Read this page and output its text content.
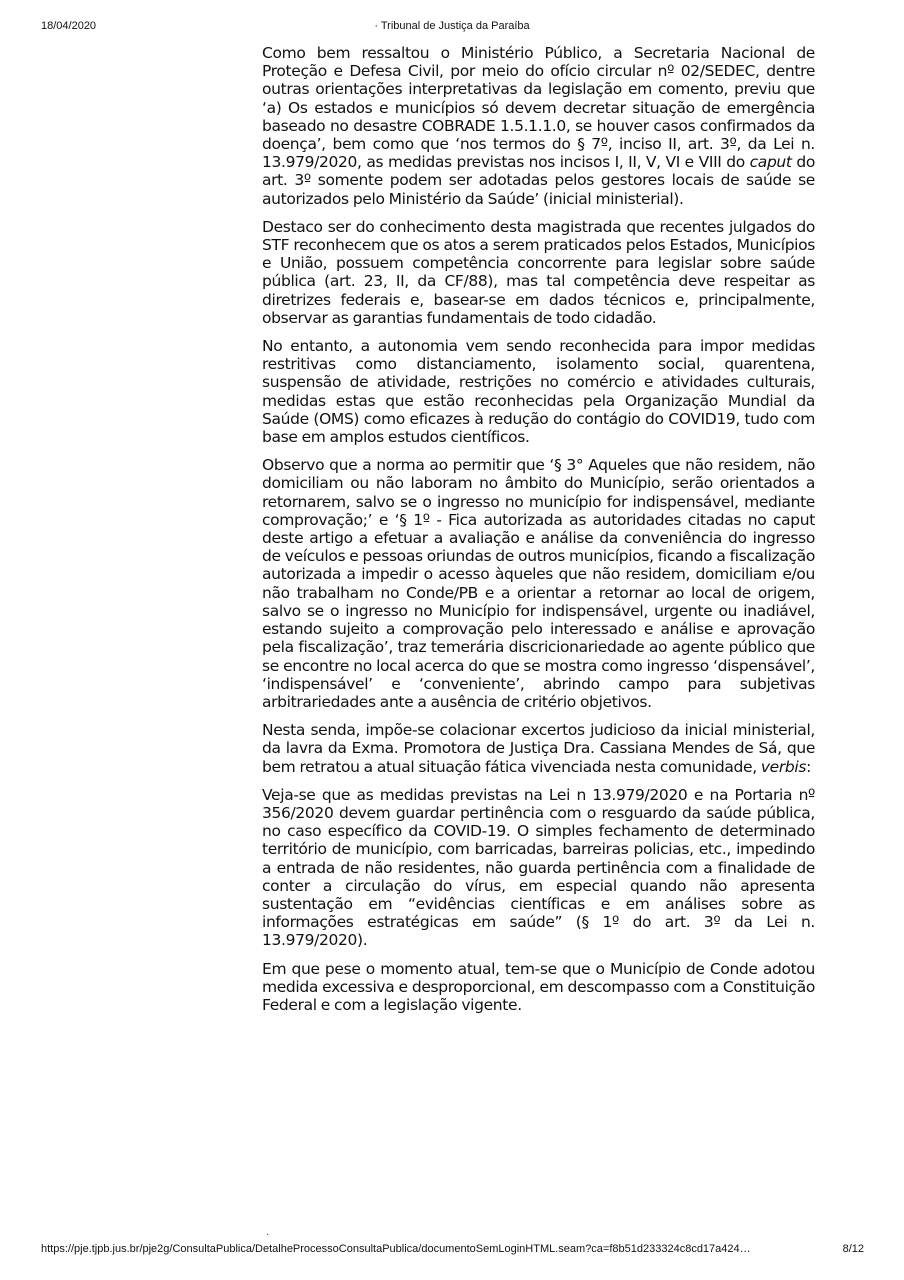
18/04/2020	· Tribunal de Justiça da Paraíba

Como bem ressaltou o Ministério Público, a Secretaria Nacional de Proteção e Defesa Civil, por meio do ofício circular nº 02/SEDEC, dentre outras orientações interpretativas da legislação em comento, previu que ‘a) Os estados e municípios só devem decretar situação de emergência baseado no desastre COBRADE 1.5.1.1.0, se houver casos confirmados da doença’, bem como que ‘nos termos do § 7º, inciso II, art. 3º, da Lei n. 13.979/2020, as medidas previstas nos incisos I, II, V, VI e VIII do caput do art. 3º somente podem ser adotadas pelos gestores locais de saúde se autorizados pelo Ministério da Saúde’ (inicial ministerial).

Destaco ser do conhecimento desta magistrada que recentes julgados do STF reconhecem que os atos a serem praticados pelos Estados, Municípios e União, possuem competência concorrente para legislar sobre saúde pública (art. 23, II, da CF/88), mas tal competência deve respeitar as diretrizes federais e, basear-se em dados técnicos e, principalmente, observar as garantias fundamentais de todo cidadão.

No entanto, a autonomia vem sendo reconhecida para impor medidas restritivas como distanciamento, isolamento social, quarentena, suspensão de atividade, restrições no comércio e atividades culturais, medidas estas que estão reconhecidas pela Organização Mundial da Saúde (OMS) como eficazes à redução do contágio do COVID19, tudo com base em amplos estudos científicos.

Observo que a norma ao permitir que ‘§ 3° Aqueles que não residem, não domiciliam ou não laboram no âmbito do Município, serão orientados a retornarem, salvo se o ingresso no município for indispensável, mediante comprovação;’ e ‘§ 1º - Fica autorizada as autoridades citadas no caput deste artigo a efetuar a avaliação e análise da conveniência do ingresso de veículos e pessoas oriundas de outros municípios, ficando a fiscalização autorizada a impedir o acesso àqueles que não residem, domiciliam e/ou não trabalham no Conde/PB e a orientar a retornar ao local de origem, salvo se o ingresso no Município for indispensável, urgente ou inadiável, estando sujeito a comprovação pelo interessado e análise e aprovação pela fiscalização’, traz temerária discricionariedade ao agente público que se encontre no local acerca do que se mostra como ingresso ‘dispensável’, ‘indispensável’ e ‘conveniente’, abrindo campo para subjetivas arbitrariedades ante a ausência de critério objetivos.

Nesta senda, impõe-se colacionar excertos judicioso da inicial ministerial, da lavra da Exma. Promotora de Justiça Dra. Cassiana Mendes de Sá, que bem retratou a atual situação fática vivenciada nesta comunidade, verbis:

Veja-se que as medidas previstas na Lei n 13.979/2020 e na Portaria nº 356/2020 devem guardar pertinência com o resguardo da saúde pública, no caso específico da COVID-19. O simples fechamento de determinado território de município, com barricadas, barreiras policias, etc., impedindo a entrada de não residentes, não guarda pertinência com a finalidade de conter a circulação do vírus, em especial quando não apresenta sustentação em “evidências científicas e em análises sobre as informações estratégicas em saúde” (§ 1º do art. 3º da Lei n. 13.979/2020).

Em que pese o momento atual, tem-se que o Município de Conde adotou medida excessiva e desproporcional, em descompasso com a Constituição Federal e com a legislação vigente.

·
https://pje.tjpb.jus.br/pje2g/ConsultaPublica/DetalheProcessoConsultaPublica/documentoSemLoginHTML.seam?ca=f8b51d233324c8cd17a424…	8/12
